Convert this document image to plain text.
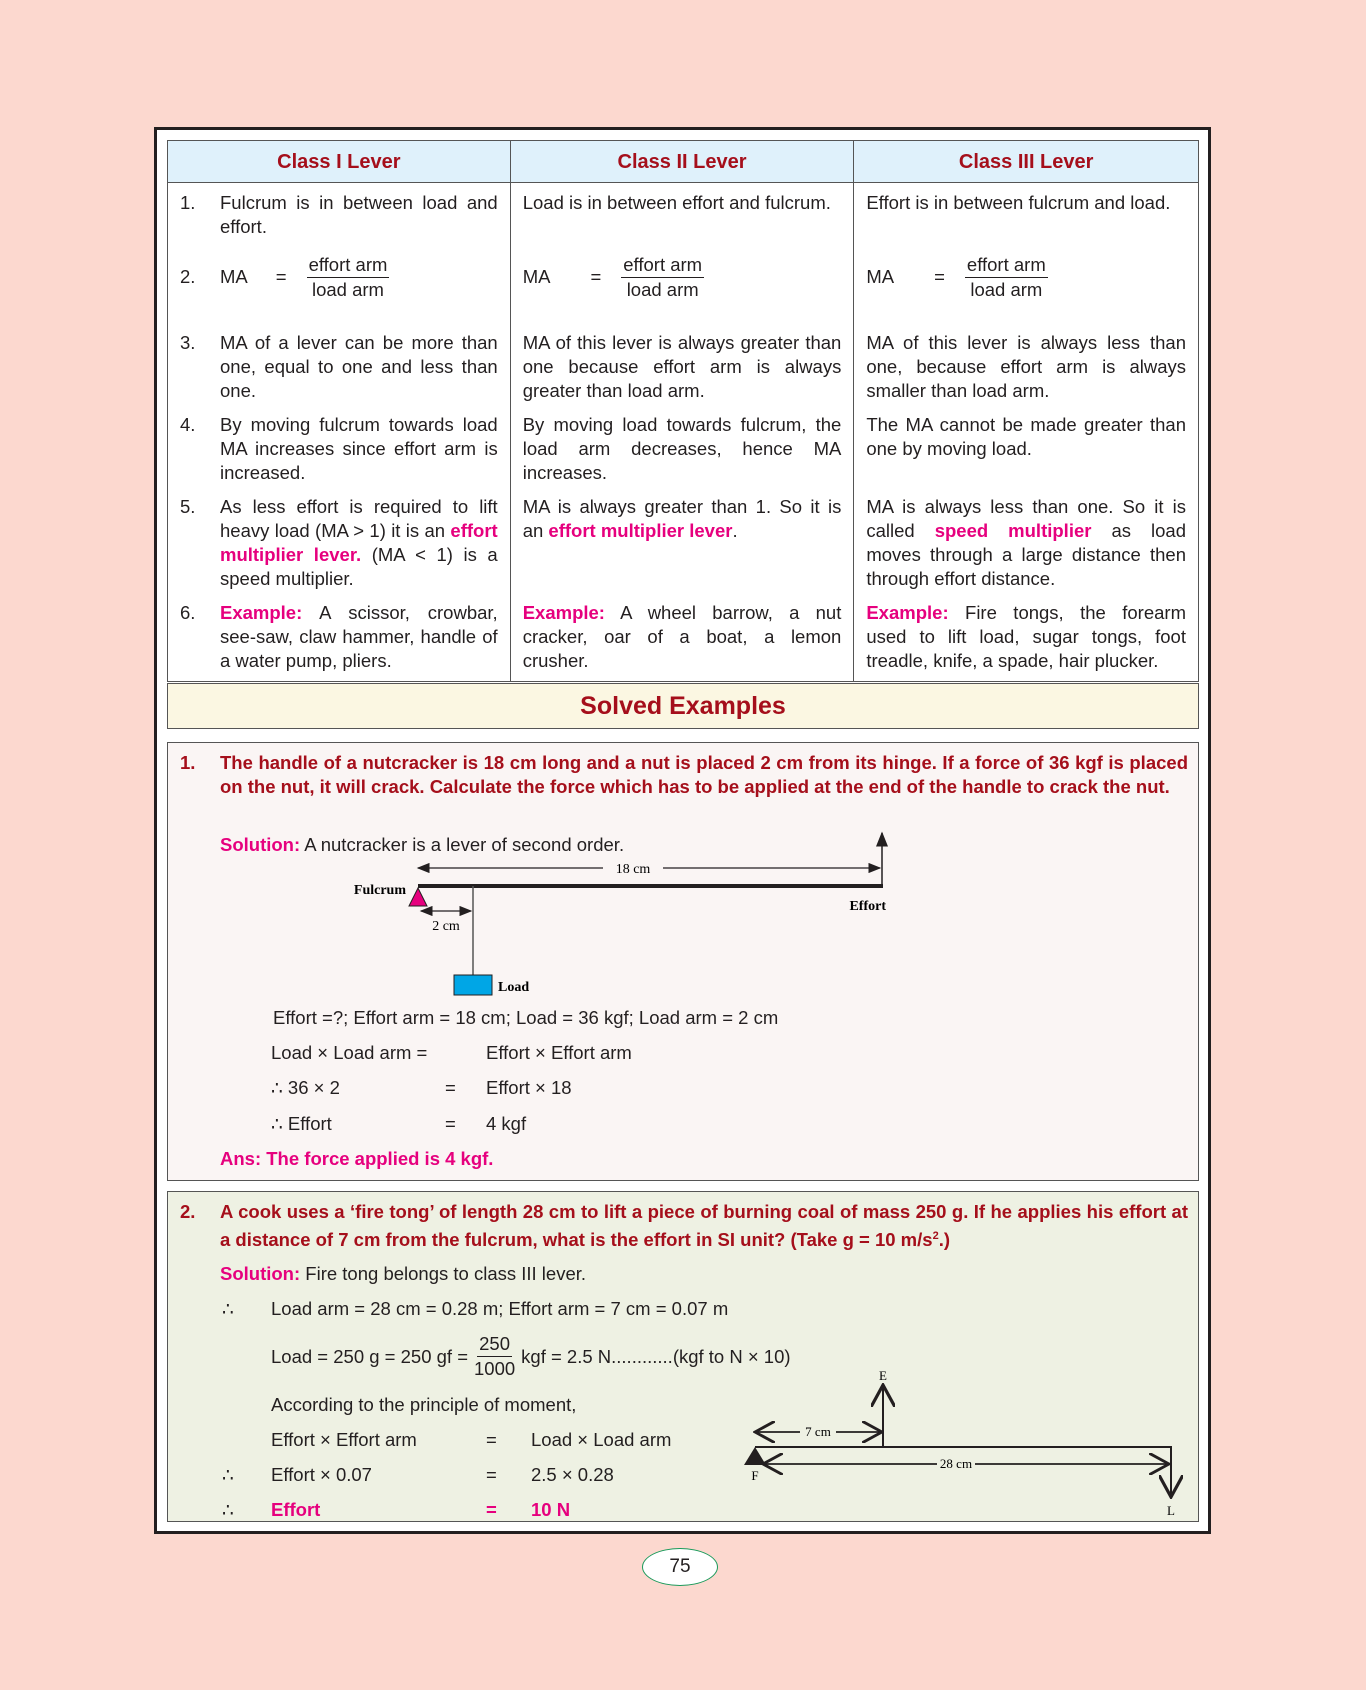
Class I Lever	Class II Lever	Class III Lever

1. Fulcrum is in between load and effort.	Load is in between effort and fulcrum.	Effort is in between fulcrum and load.

2. MA = $\frac{\text{effort arm}}{\text{load arm}}$	MA = $\frac{\text{effort arm}}{\text{load arm}}$	MA = $\frac{\text{effort arm}}{\text{load arm}}$

3. MA of a lever can be more than one, equal to one and less than one.	MA of this lever is always greater than one because effort arm is always greater than load arm.	MA of this lever is always less than one, because effort arm is always smaller than load arm.

4. By moving fulcrum towards load MA increases since effort arm is increased.	By moving load towards fulcrum, the load arm decreases, hence MA increases.	The MA cannot be made greater than one by moving load.

5. As less effort is required to lift heavy load (MA > 1) it is an effort multiplier lever. (MA < 1) is a speed multiplier.	MA is always greater than 1. So it is an effort multiplier lever.	MA is always less than one. So it is called speed multiplier as load moves through a large distance then through effort distance.

6. Example: A scissor, crowbar, see-saw, claw hammer, handle of a water pump, pliers.	Example: A wheel barrow, a nut cracker, oar of a boat, a lemon crusher.	Example: Fire tongs, the forearm used to lift load, sugar tongs, foot treadle, knife, a spade, hair plucker.
Solved Examples
1.	The handle of a nutcracker is 18 cm long and a nut is placed 2 cm from its hinge. If a force of 36 kgf is placed on the nut, it will crack. Calculate the force which has to be applied at the end of the handle to crack the nut.
Solution: A nutcracker is a lever of second order.
18 cm
Fulcrum
Effort
2 cm
Load
Effort =?; Effort arm = 18 cm; Load = 36 kgf; Load arm = 2 cm
Load × Load arm =	Effort × Effort arm
∴ 36 × 2	= Effort × 18
∴ Effort	= 4 kgf
Ans: The force applied is 4 kgf.
2.	A cook uses a ‘fire tong’ of length 28 cm to lift a piece of burning coal of mass 250 g. If he applies his effort at a distance of 7 cm from the fulcrum, what is the effort in SI unit? (Take g = 10 $m/s^2$.)
Solution: Fire tong belongs to class III lever.
∴ Load arm = 28 cm = 0.28 m; Effort arm = 7 cm = 0.07 m
Load = 250 g = 250 gf = $\frac{250}{1000}$ kgf = 2.5 N............(kgf to N × 10)
According to the principle of moment,
Effort × Effort arm	= Load × Load arm
∴ Effort × 0.07	= 2.5 × 0.28
∴ Effort	= 10 N
E
7 cm
F
28 cm
L
75
